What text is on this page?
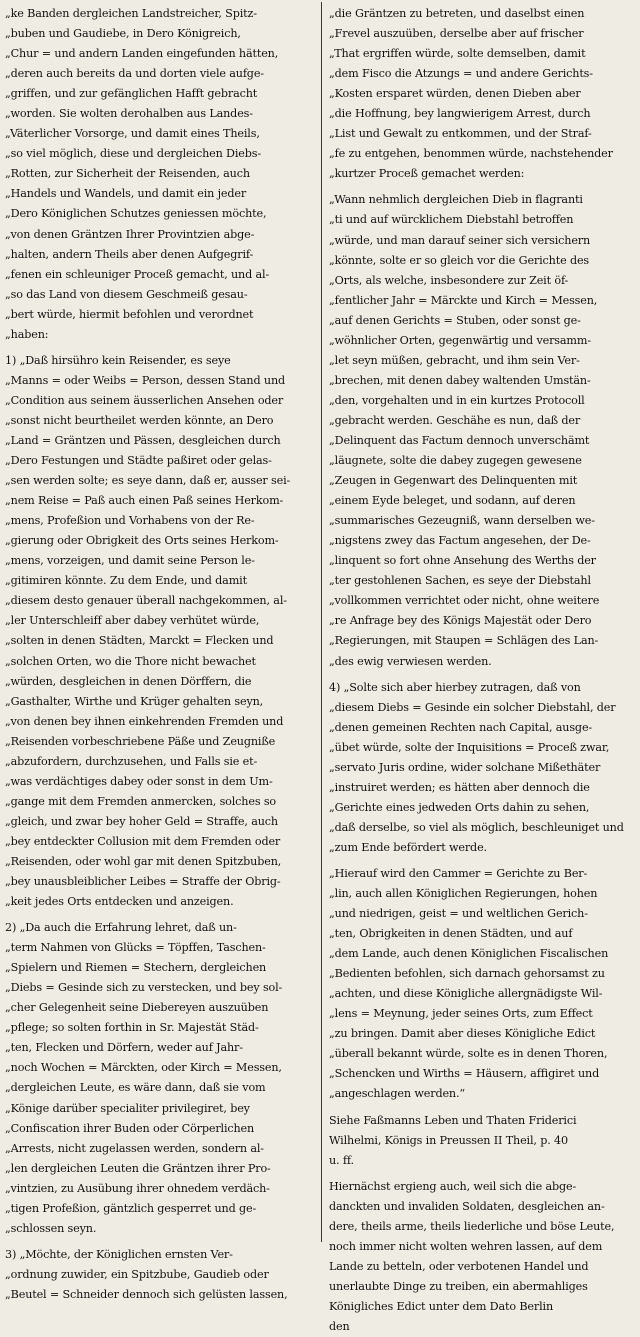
„ke Banden dergleichen Landstreicher, Spitz-
„buben und Gaudiebe, in Dero Königreich,
„Chur = und andern Landen eingefunden hätten,
„deren auch bereits da und dorten viele aufge-
„griffen, und zur gefänglichen Hafft gebracht
„worden. Sie wolten derohalben aus Landes-
„Väterlicher Vorsorge, und damit eines Theils,
„so viel möglich, diese und dergleichen Diebs-
„Rotten, zur Sicherheit der Reisenden, auch
„Handels und Wandels, und damit ein jeder
„Dero Königlichen Schutzes geniessen möchte,
„von denen Gräntzen Ihrer Provintzien abge-
„halten, andern Theils aber denen Aufgegrif-
„fenen ein schleuniger Proceß gemacht, und al-
„so das Land von diesem Geschmeiß gesau-
„bert würde, hiermit befohlen und verordnet
„haben:
1) „Daß hirsühro kein Reisender, es seye
„Manns = oder Weibs = Person, dessen Stand und
„Condition aus seinem äusserlichen Ansehen oder
„sonst nicht beurtheilet werden könnte, an Dero
„Land = Gräntzen und Pässen, desgleichen durch
„Dero Festungen und Städte paßiret oder gelas-
„sen werden solte; es seye dann, daß er, ausser sei-
„nem Reise = Paß auch einen Paß seines Herkom-
„mens, Profeßion und Vorhabens von der Re-
„gierung oder Obrigkeit des Orts seines Herkom-
„mens, vorzeigen, und damit seine Person le-
„gitimiren könnte. Zu dem Ende, und damit
„diesem desto genauer überall nachgekommen, al-
„ler Unterschleiff aber dabey verhütet würde,
„solten in denen Städten, Marckt = Flecken und
„solchen Orten, wo die Thore nicht bewachet
„würden, desgleichen in denen Dörffern, die
„Gasthalter, Wirthe und Krüger gehalten seyn,
„von denen bey ihnen einkehrenden Fremden und
„Reisenden vorbeschriebene Päße und Zeugniße
„abzufordern, durchzusehen, und Falls sie et-
„was verdächtiges dabey oder sonst in dem Um-
„gange mit dem Fremden anmercken, solches so
„gleich, und zwar bey hoher Geld = Straffe, auch
„bey entdeckter Collusion mit dem Fremden oder
„Reisenden, oder wohl gar mit denen Spitzbuben,
„bey unausbleiblicher Leibes = Straffe der Obrig-
„keit jedes Orts entdecken und anzeigen.
2) „Da auch die Erfahrung lehret, daß un-
„term Nahmen von Glücks = Töpffen, Taschen-
„Spielern und Riemen = Stechern, dergleichen
„Diebs = Gesinde sich zu verstecken, und bey sol-
„cher Gelegenheit seine Diebereyen auszuüben
„pflege; so solten forthin in Sr. Majestät Städ-
„ten, Flecken und Dörfern, weder auf Jahr-
„noch Wochen = Märckten, oder Kirch = Messen,
„dergleichen Leute, es wäre dann, daß sie vom
„Könige darüber specialiter privilegiret, bey
„Confiscation ihrer Buden oder Cörperlichen
„Arrests, nicht zugelassen werden, sondern al-
„len dergleichen Leuten die Gräntzen ihrer Pro-
„vintzien, zu Ausübung ihrer ohnedem verdäch-
„tigen Profeßion, gäntzlich gesperret und ge-
„schlossen seyn.
3) „Möchte, der Königlichen ernsten Ver-
„ordnung zuwider, ein Spitzbube, Gaudieb oder
„Beutel = Schneider dennoch sich gelüsten lassen,
„die Gräntzen zu betreten, und daselbst einen
„Frevel auszuüben, derselbe aber auf frischer
„That ergriffen würde, solte demselben, damit
„dem Fisco die Atzungs = und andere Gerichts-
„Kosten ersparet würden, denen Dieben aber
„die Hoffnung, bey langwierigem Arrest, durch
„List und Gewalt zu entkommen, und der Straf-
„fe zu entgehen, benommen würde, nachstehender
„kurtzer Proceß gemachet werden:
„Wann nehmlich dergleichen Dieb in flagranti
„ti und auf würcklichem Diebstahl betroffen
„würde, und man darauf seiner sich versichern
„könnte, solte er so gleich vor die Gerichte des
„Orts, als welche, insbesondere zur Zeit öf-
„fentlicher Jahr = Märckte und Kirch = Messen,
„auf denen Gerichts = Stuben, oder sonst ge-
„wöhnlicher Orten, gegenwärtig und versamm-
„let seyn müßen, gebracht, und ihm sein Ver-
„brechen, mit denen dabey waltenden Umstän-
„den, vorgehalten und in ein kurtzes Protocoll
„gebracht werden. Geschähe es nun, daß der
„Delinquent das Factum dennoch unverschämt
„läugnete, solte die dabey zugegen gewesene
„Zeugen in Gegenwart des Delinquenten mit
„einem Eyde beleget, und sodann, auf deren
„summarisches Gezeugniß, wann derselben we-
„nigstens zwey das Factum angesehen, der De-
„linquent so fort ohne Ansehung des Werths der
„ter gestohlenen Sachen, es seye der Diebstahl
„vollkommen verrichtet oder nicht, ohne weitere
„re Anfrage bey des Königs Majestät oder Dero
„Regierungen, mit Staupen = Schlägen des Lan-
„des ewig verwiesen werden.
4) „Solte sich aber hierbey zutragen, daß von
„diesem Diebs = Gesinde ein solcher Diebstahl, der
„denen gemeinen Rechten nach Capital, ausge-
„übet würde, solte der Inquisitions = Proceß zwar,
„servato Juris ordine, wider solchane Mißethäter
„instruiret werden; es hätten aber dennoch die
„Gerichte eines jedweden Orts dahin zu sehen,
„daß derselbe, so viel als möglich, beschleuniget und
„zum Ende befördert werde.
„Hierauf wird den Cammer = Gerichte zu Ber-
„lin, auch allen Königlichen Regierungen, hohen
„und niedrigen, geist = und weltlichen Gerich-
„ten, Obrigkeiten in denen Städten, und auf
„dem Lande, auch denen Königlichen Fiscalischen
„Bedienten befohlen, sich darnach gehorsamst zu
„achten, und diese Königliche allergnädigste Wil-
„lens = Meynung, jeder seines Orts, zum Effect
„zu bringen. Damit aber dieses Königliche Edict
„überall bekannt würde, solte es in denen Thoren,
„Schencken und Wirths = Häusern, affigiret und
„angeschlagen werden.“
Siehe Faßmanns Leben und Thaten Friderici
Wilhelmi, Königs in Preussen II Theil, p. 40
u. ff.
Hiernächst ergieng auch, weil sich die abge-
danckten und invaliden Soldaten, desgleichen an-
dere, theils arme, theils liederliche und böse Leute,
noch immer nicht wolten wehren lassen, auf dem
Lande zu betteln, oder verbotenen Handel und
unerlaubte Dinge zu treiben, ein abermahliges
Königliches Edict unter dem Dato Berlin
den
